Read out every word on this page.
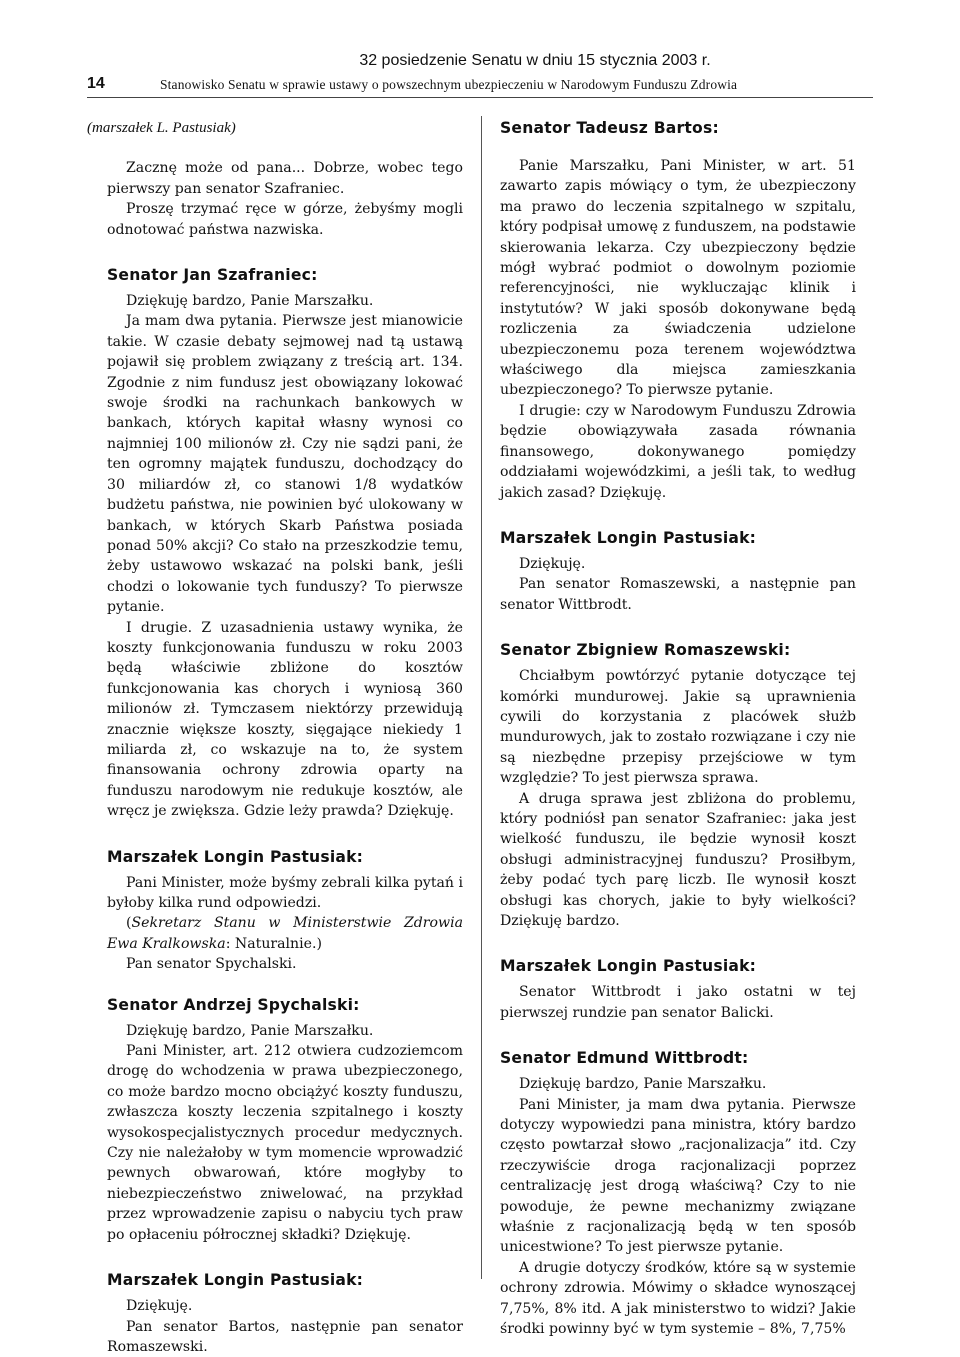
32 posiedzenie Senatu w dniu 15 stycznia 2003 r.
14	Stanowisko Senatu w sprawie ustawy o powszechnym ubezpieczeniu w Narodowym Funduszu Zdrowia

(marszałek L. Pastusiak)

Zacznę może od pana... Dobrze, wobec tego pierwszy pan senator Szafraniec.

Proszę trzymać ręce w górze, żebyśmy mogli odnotować państwa nazwiska.

Senator Jan Szafraniec:

Dziękuję bardzo, Panie Marszałku.

Ja mam dwa pytania. Pierwsze jest mianowicie takie. W czasie debaty sejmowej nad tą ustawą pojawił się problem związany z treścią art. 134. Zgodnie z nim fundusz jest obowiązany lokować swoje środki na rachunkach bankowych w bankach, których kapitał własny wynosi co najmniej 100 milionów zł. Czy nie sądzi pani, że ten ogromny majątek funduszu, dochodzący do 30 miliardów zł, co stanowi 1/8 wydatków budżetu państwa, nie powinien być ulokowany w bankach, w których Skarb Państwa posiada ponad 50% akcji? Co stało na przeszkodzie temu, żeby ustawowo wskazać na polski bank, jeśli chodzi o lokowanie tych funduszy? To pierwsze pytanie.

I drugie. Z uzasadnienia ustawy wynika, że koszty funkcjonowania funduszu w roku 2003 będą właściwie zbliżone do kosztów funkcjonowania kas chorych i wyniosą 360 milionów zł. Tymczasem niektórzy przewidują znacznie większe koszty, sięgające niekiedy 1 miliarda zł, co wskazuje na to, że system finansowania ochrony zdrowia oparty na funduszu narodowym nie redukuje kosztów, ale wręcz je zwiększa. Gdzie leży prawda? Dziękuję.

Marszałek Longin Pastusiak:

Pani Minister, może byśmy zebrali kilka pytań i byłoby kilka rund odpowiedzi.

(Sekretarz Stanu w Ministerstwie Zdrowia Ewa Kralkowska: Naturalnie.)

Pan senator Spychalski.

Senator Andrzej Spychalski:

Dziękuję bardzo, Panie Marszałku.

Pani Minister, art. 212 otwiera cudzoziemcom drogę do wchodzenia w prawa ubezpieczonego, co może bardzo mocno obciążyć koszty funduszu, zwłaszcza koszty leczenia szpitalnego i koszty wysokospecjalistycznych procedur medycznych. Czy nie należałoby w tym momencie wprowadzić pewnych obwarowań, które mogłyby to niebezpieczeństwo zniwelować, na przykład przez wprowadzenie zapisu o nabyciu tych praw po opłaceniu półrocznej składki? Dziękuję.

Marszałek Longin Pastusiak:

Dziękuję.

Pan senator Bartos, następnie pan senator Romaszewski.

Senator Tadeusz Bartos:

Panie Marszałku, Pani Minister, w art. 51 zawarto zapis mówiący o tym, że ubezpieczony ma prawo do leczenia szpitalnego w szpitalu, który podpisał umowę z funduszem, na podstawie skierowania lekarza. Czy ubezpieczony będzie mógł wybrać podmiot o dowolnym poziomie referencyjności, nie wykluczając klinik i instytutów? W jaki sposób dokonywane będą rozliczenia za świadczenia udzielone ubezpieczonemu poza terenem województwa właściwego dla miejsca zamieszkania ubezpieczonego? To pierwsze pytanie.

I drugie: czy w Narodowym Funduszu Zdrowia będzie obowiązywała zasada równania finansowego, dokonywanego pomiędzy oddziałami wojewódzkimi, a jeśli tak, to według jakich zasad? Dziękuję.

Marszałek Longin Pastusiak:

Dziękuję.

Pan senator Romaszewski, a następnie pan senator Wittbrodt.

Senator Zbigniew Romaszewski:

Chciałbym powtórzyć pytanie dotyczące tej komórki mundurowej. Jakie są uprawnienia cywili do korzystania z placówek służb mundurowych, jak to zostało rozwiązane i czy nie są niezbędne przepisy przejściowe w tym względzie? To jest pierwsza sprawa.

A druga sprawa jest zbliżona do problemu, który podniósł pan senator Szafraniec: jaka jest wielkość funduszu, ile będzie wynosił koszt obsługi administracyjnej funduszu? Prosiłbym, żeby podać tych parę liczb. Ile wynosił koszt obsługi kas chorych, jakie to były wielkości? Dziękuję bardzo.

Marszałek Longin Pastusiak:

Senator Wittbrodt i jako ostatni w tej pierwszej rundzie pan senator Balicki.

Senator Edmund Wittbrodt:

Dziękuję bardzo, Panie Marszałku.

Pani Minister, ja mam dwa pytania. Pierwsze dotyczy wypowiedzi pana ministra, który bardzo często powtarzał słowo „racjonalizacja” itd. Czy rzeczywiście droga racjonalizacji poprzez centralizację jest drogą właściwą? Czy to nie powoduje, że pewne mechanizmy związane właśnie z racjonalizacją będą w ten sposób unicestwione? To jest pierwsze pytanie.

A drugie dotyczy środków, które są w systemie ochrony zdrowia. Mówimy o składce wynoszącej 7,75%, 8% itd. A jak ministerstwo to widzi? Jakie środki powinny być w tym systemie – 8%, 7,75%
